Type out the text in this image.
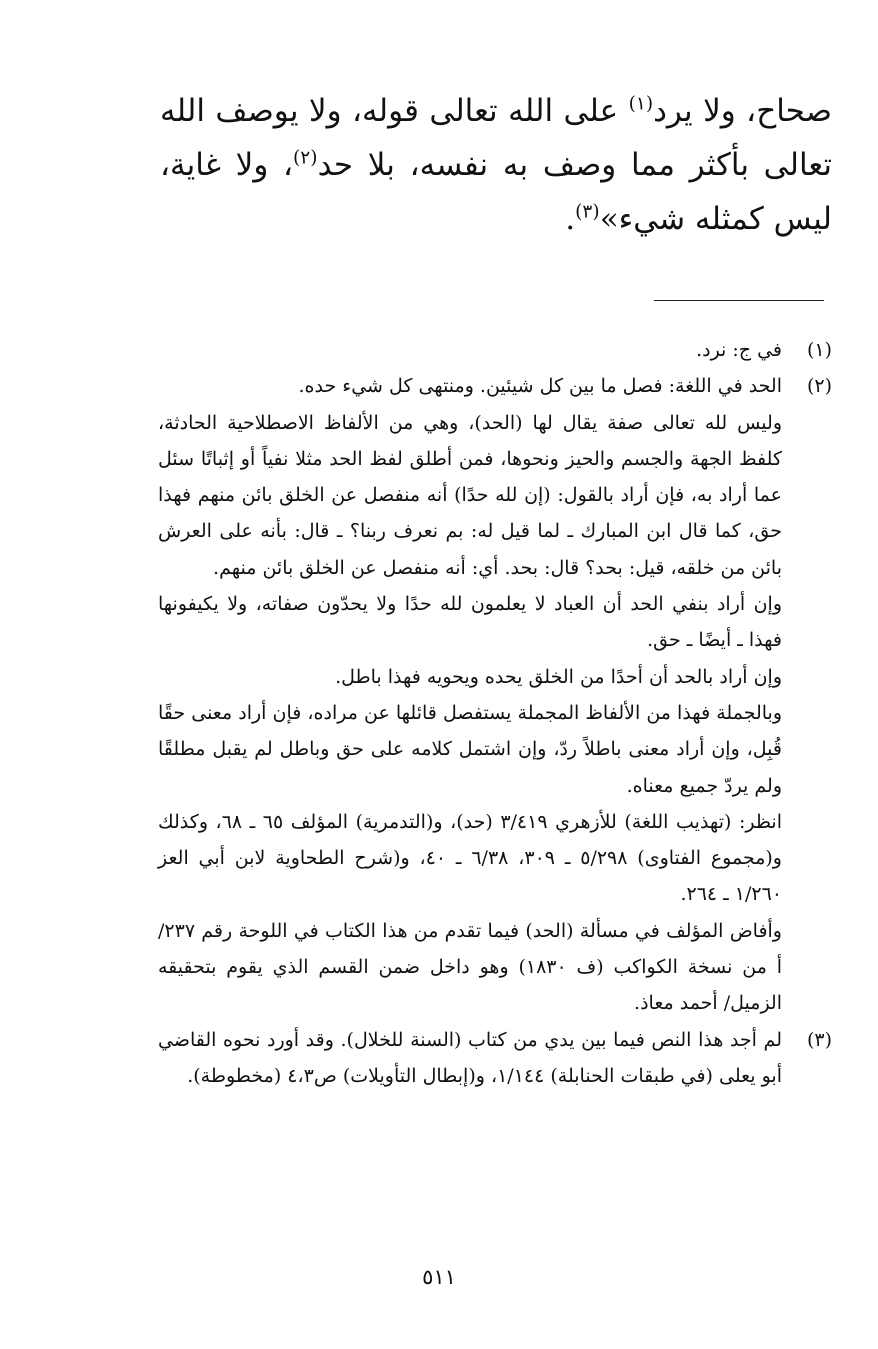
صحاح، ولا يرد$^{(١)}$ على الله تعالى قوله، ولا يوصف الله تعالى بأكثر مما وصف به نفسه، بلا حد$^{(٢)}$، ولا غاية، ليس كمثله شيء»$^{(٣)}$.

(١)

في ج: نرد.

(٢)

الحد في اللغة: فصل ما بين كل شيئين. ومنتهى كل شيء حده.

وليس لله تعالى صفة يقال لها (الحد)، وهي من الألفاظ الاصطلاحية الحادثة، كلفظ الجهة والجسم والحيز ونحوها، فمن أطلق لفظ الحد مثلا نفياً أو إثباتًا سئل عما أراد به، فإن أراد بالقول: (إن لله حدًا) أنه منفصل عن الخلق بائن منهم فهذا حق، كما قال ابن المبارك ـ لما قيل له: بم نعرف ربنا؟ ـ قال: بأنه على العرش بائن من خلقه، قيل: بحد؟ قال: بحد. أي: أنه منفصل عن الخلق بائن منهم.

وإن أراد بنفي الحد أن العباد لا يعلمون لله حدًا ولا يحدّون صفاته، ولا يكيفونها فهذا ـ أيضًا ـ حق.

وإن أراد بالحد أن أحدًا من الخلق يحده ويحويه فهذا باطل.

وبالجملة فهذا من الألفاظ المجملة يستفصل قائلها عن مراده، فإن أراد معنى حقًا قُبِل، وإن أراد معنى باطلاً ردّ، وإن اشتمل كلامه على حق وباطل لم يقبل مطلقًا ولم يردّ جميع معناه.

انظر: (تهذيب اللغة) للأزهري ٣/٤١٩ (حد)، و(التدمرية) المؤلف ٦٥ ـ ٦٨، وكذلك و(مجموع الفتاوى) ٥/٢٩٨ ـ ٣٠٩، ٦/٣٨ ـ ٤٠، و(شرح الطحاوية لابن أبي العز ١/٢٦٠ ـ ٢٦٤.

وأفاض المؤلف في مسألة (الحد) فيما تقدم من هذا الكتاب في اللوحة رقم ٢٣٧/أ من نسخة الكواكب (ف ١٨٣٠) وهو داخل ضمن القسم الذي يقوم بتحقيقه الزميل/ أحمد معاذ.

(٣)

لم أجد هذا النص فيما بين يدي من كتاب (السنة للخلال). وقد أورد نحوه القاضي أبو يعلى (في طبقات الحنابلة) ١/١٤٤، و(إبطال التأويلات) ص٤،٣ (مخطوطة).

٥١١
